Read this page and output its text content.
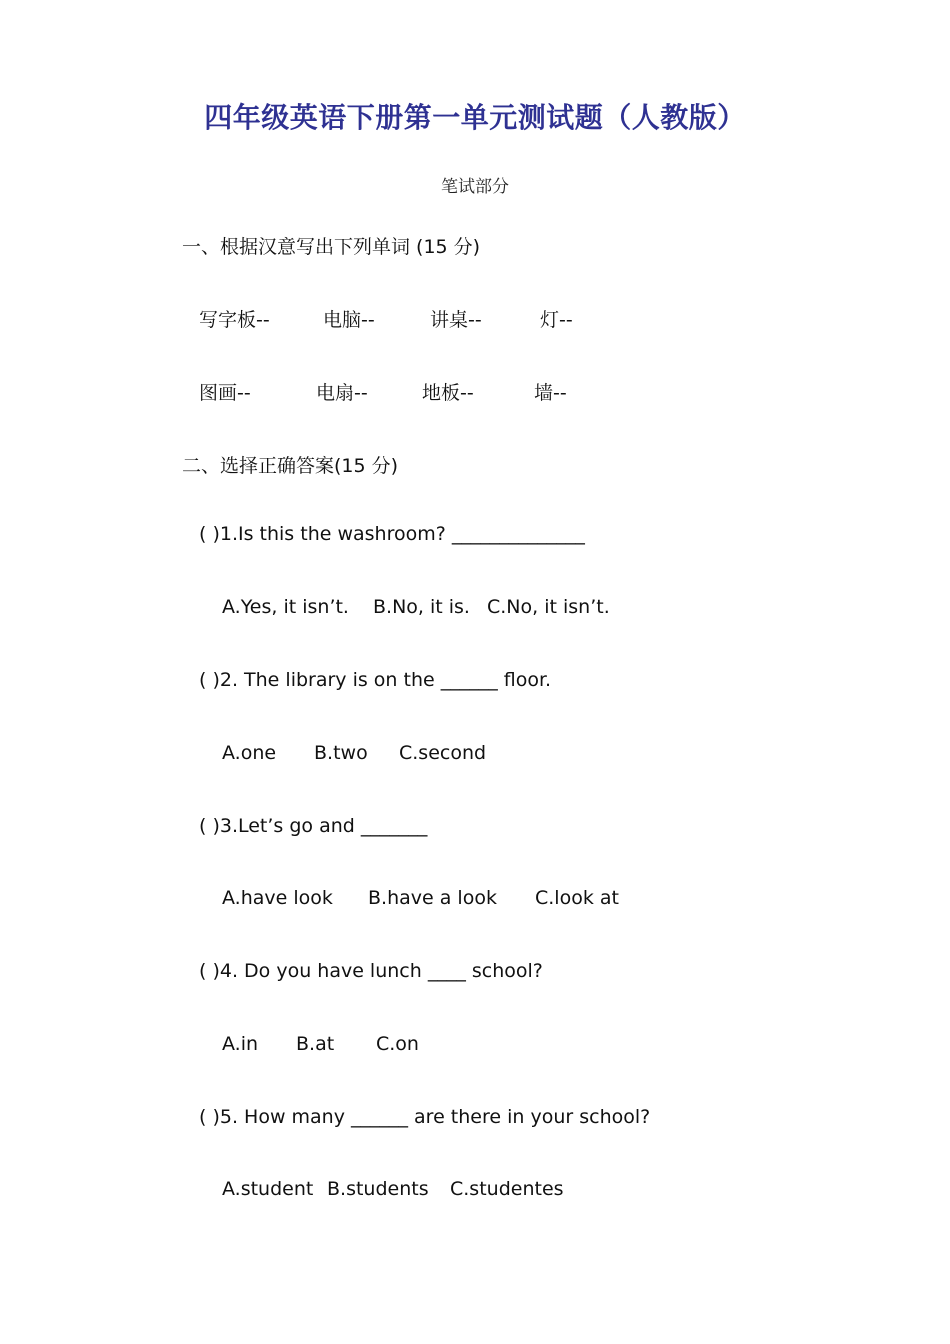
四年级英语下册第一单元测试题（人教版）
笔试部分
一、根据汉意写出下列单词 (15 分)
写字板--	电脑--	讲桌--	灯--
图画--	电扇--	地板--	墙--
二、选择正确答案(15 分)
( )1.Is this the washroom? ______________
A.Yes, it isn’t. B.No, it is. C.No, it isn’t.
( )2. The library is on the ______ floor.
A.one B.two C.second
( )3.Let’s go and _______
A.have look B.have a look C.look at
( )4. Do you have lunch ____ school?
A.in B.at C.on
( )5. How many ______ are there in your school?
A.student B.students C.studentes
